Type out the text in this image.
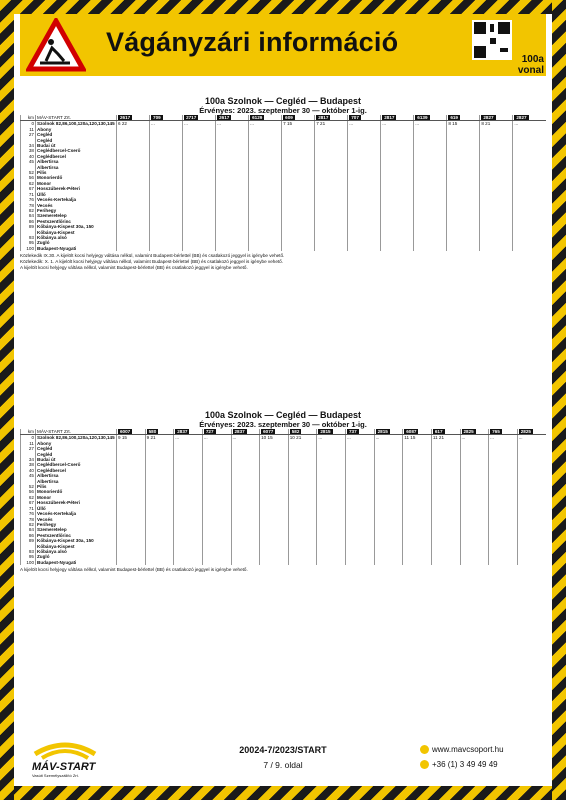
Vágányzári információ
100a
vonal

100a Szolnok — Cegléd — Budapest

Érvényes: 2023. szeptember 30 — október 1-ig.

km	MÁV-START Zrt.	2617	709	2717	2617	6129	609	2817	707	2817	6139	619	2827	2827
0	Szolnok 82,86,100,120a,120,130,145	6 22	...	...	...	...	7 15	7 21	...	...	...	8 15	8 21	...
11	Abony													
27	Cegléd													
	Cegléd													
34	Budai út													
38	Ceglédbercel-Cserő													
40	Ceglédbercel													
45	Albertirsa													
	Albertirsa													
52	Pilis													
56	Monorierdő													
62	Monor													
67	Hosszúberek-Péteri													
71	Üllő													
76	Vecsés-Kertekalja													
78	Vecsés													
82	Ferihegy													
84	Szemeretelep													
86	Pestszentlőrinc													
89	Kőbánya-Kispest 30a, 150													
	Kőbánya-Kispest													
93	Kőbánya alsó													
95	Zugló													
100	Budapest-Nyugati													
Közlekedik IX.30. A kijelölt kocsi helyjegy váltása nélkül, valamint Budapest-bérlettel (BB) és csatlakozó jeggyel is igénybe vehető.
Közlekedik: X. 1. A kijelölt kocsi helyjegy váltása nélkül, valamint Budapest-bérlettel (BB) és csatlakozó jeggyel is igénybe vehető.
A kijelölt kocsi helyjegy váltása nélkül, valamint Budapest-bérlettel (BB) és csatlakozó jeggyel is igénybe vehető.

100a Szolnok — Cegléd — Budapest

Érvényes: 2023. szeptember 30 — október 1-ig.

km	MÁV-START Zrt.	6007	580	2837	727	2837	6077	582	2815	737	2815	6087	617	2825	765	2825
0	Szolnok 82,86,100,120a,120,130,145	9 15	9 21	...	...	...	10 15	10 21	...	...	...	11 15	11 21	...	...	...
11	Abony															
27	Cegléd															
	Cegléd															
34	Budai út															
38	Ceglédbercel-Cserő															
40	Ceglédbercel															
45	Albertirsa															
	Albertirsa															
52	Pilis															
56	Monorierdő															
62	Monor															
67	Hosszúberek-Péteri															
71	Üllő															
76	Vecsés-Kertekalja															
78	Vecsés															
82	Ferihegy															
84	Szemeretelep															
86	Pestszentlőrinc															
89	Kőbánya-Kispest 30a, 150															
	Kőbánya-Kispest															
93	Kőbánya alsó															
95	Zugló															
100	Budapest-Nyugati															
A kijelölt kocsi helyjegy váltása nélkül, valamint Budapest-bérlettel (BB) és csatlakozó jeggyel is igénybe vehető.
MÁV-START
Vasúti Személyszállító Zrt.
20024-7/2023/START
7 / 9. oldal
www.mavcsoport.hu
+36 (1) 3 49 49 49
